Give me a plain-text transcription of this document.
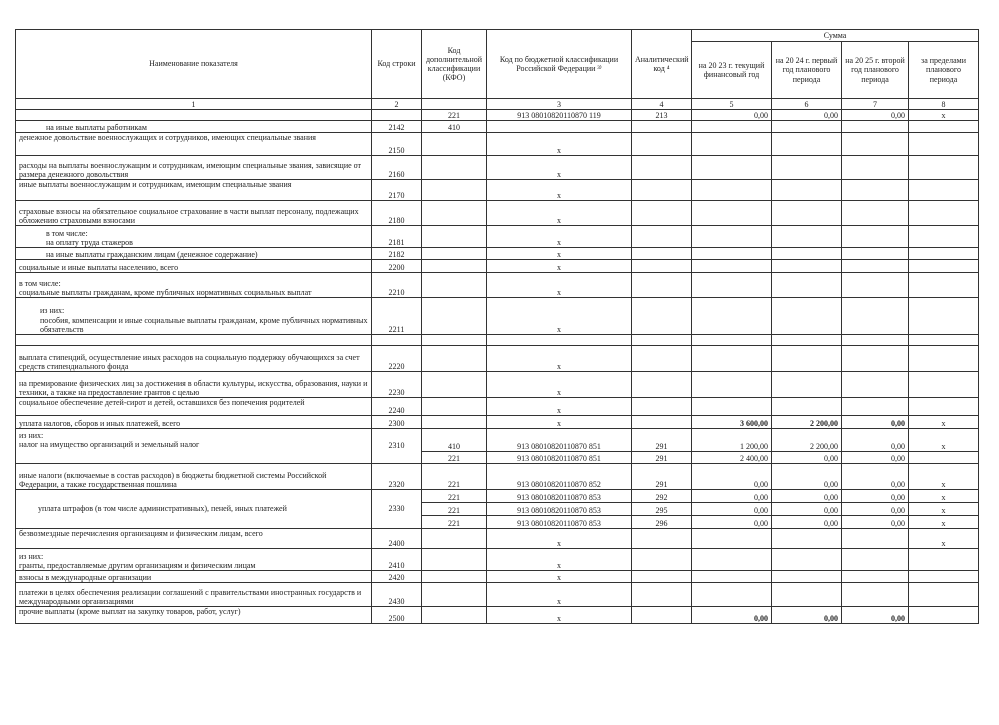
Наименование показателя	Код строки	Код дополнительной классификации (КФО)	Код по бюджетной классификации Российской Федерации ³⁾	Аналитический код ⁴	Сумма			
					на 20 23 г. текущий финансовый год	на 20 24 г. первый год планового периода	на 20 25 г. второй год планового периода	за пределами планового периода
1	2		3	4	5	6	7	8
		221	913 08010820110870 119	213	0,00	0,00	0,00	x
на иные выплаты работникам	2142	410						
денежное довольствие военнослужащих и сотрудников, имеющих специальные звания	2150		x					
расходы на выплаты военнослужащим и сотрудникам, имеющим специальные звания, зависящие от размера денежного довольствия	2160		x					
иные выплаты военнослужащим и сотрудникам, имеющим специальные звания	2170		x					
страховые взносы на обязательное социальное страхование в части выплат персоналу, подлежащих обложению страховыми взносами	2180		x					

в том числе:
на оплату труда стажеров	2181		x					
на иные выплаты гражданским лицам (денежное содержание)	2182		x					
социальные и иные выплаты населению, всего	2200		x					

в том числе:
социальные выплаты гражданам, кроме публичных нормативных социальных выплат	2210		x					

из них:
пособия, компенсации и иные социальные выплаты гражданам, кроме публичных нормативных обязательств	2211		x					

выплата стипендий, осуществление иных расходов на социальную поддержку обучающихся за счет средств стипендиального фонда	2220		x					
на премирование физических лиц за достижения в области культуры, искусства, образования, науки и техники, а также на предоставление грантов с целью	2230		x					
социальное обеспечение детей-сирот и детей, оставшихся без попечения родителей	2240		x					
уплата налогов, сборов и иных платежей, всего	2300		x		3 600,00	2 200,00	0,00	x

из них:
налог на имущество организаций и земельный налог	2310	410	913 08010820110870 851	291	1 200,00	2 200,00	0,00	x
		221	913 08010820110870 851	291	2 400,00	0,00	0,00	
иные налоги (включаемые в состав расходов) в бюджеты бюджетной системы Российской Федерации, а также государственная пошлина	2320	221	913 08010820110870 852	291	0,00	0,00	0,00	x
уплата штрафов (в том числе административных), пеней, иных платежей	2330	221	913 08010820110870 853	292	0,00	0,00	0,00	x
		221	913 08010820110870 853	295	0,00	0,00	0,00	x
		221	913 08010820110870 853	296	0,00	0,00	0,00	x
безвозмездные перечисления организациям и физическим лицам, всего	2400		x					x

из них:
гранты, предоставляемые другим организациям и физическим лицам	2410		x					
взносы в международные организации	2420		x					
платежи в целях обеспечения реализации соглашений с правительствами иностранных государств и международными организациями	2430		x					
прочие выплаты (кроме выплат на закупку товаров, работ, услуг)	2500		x		0,00	0,00	0,00	
